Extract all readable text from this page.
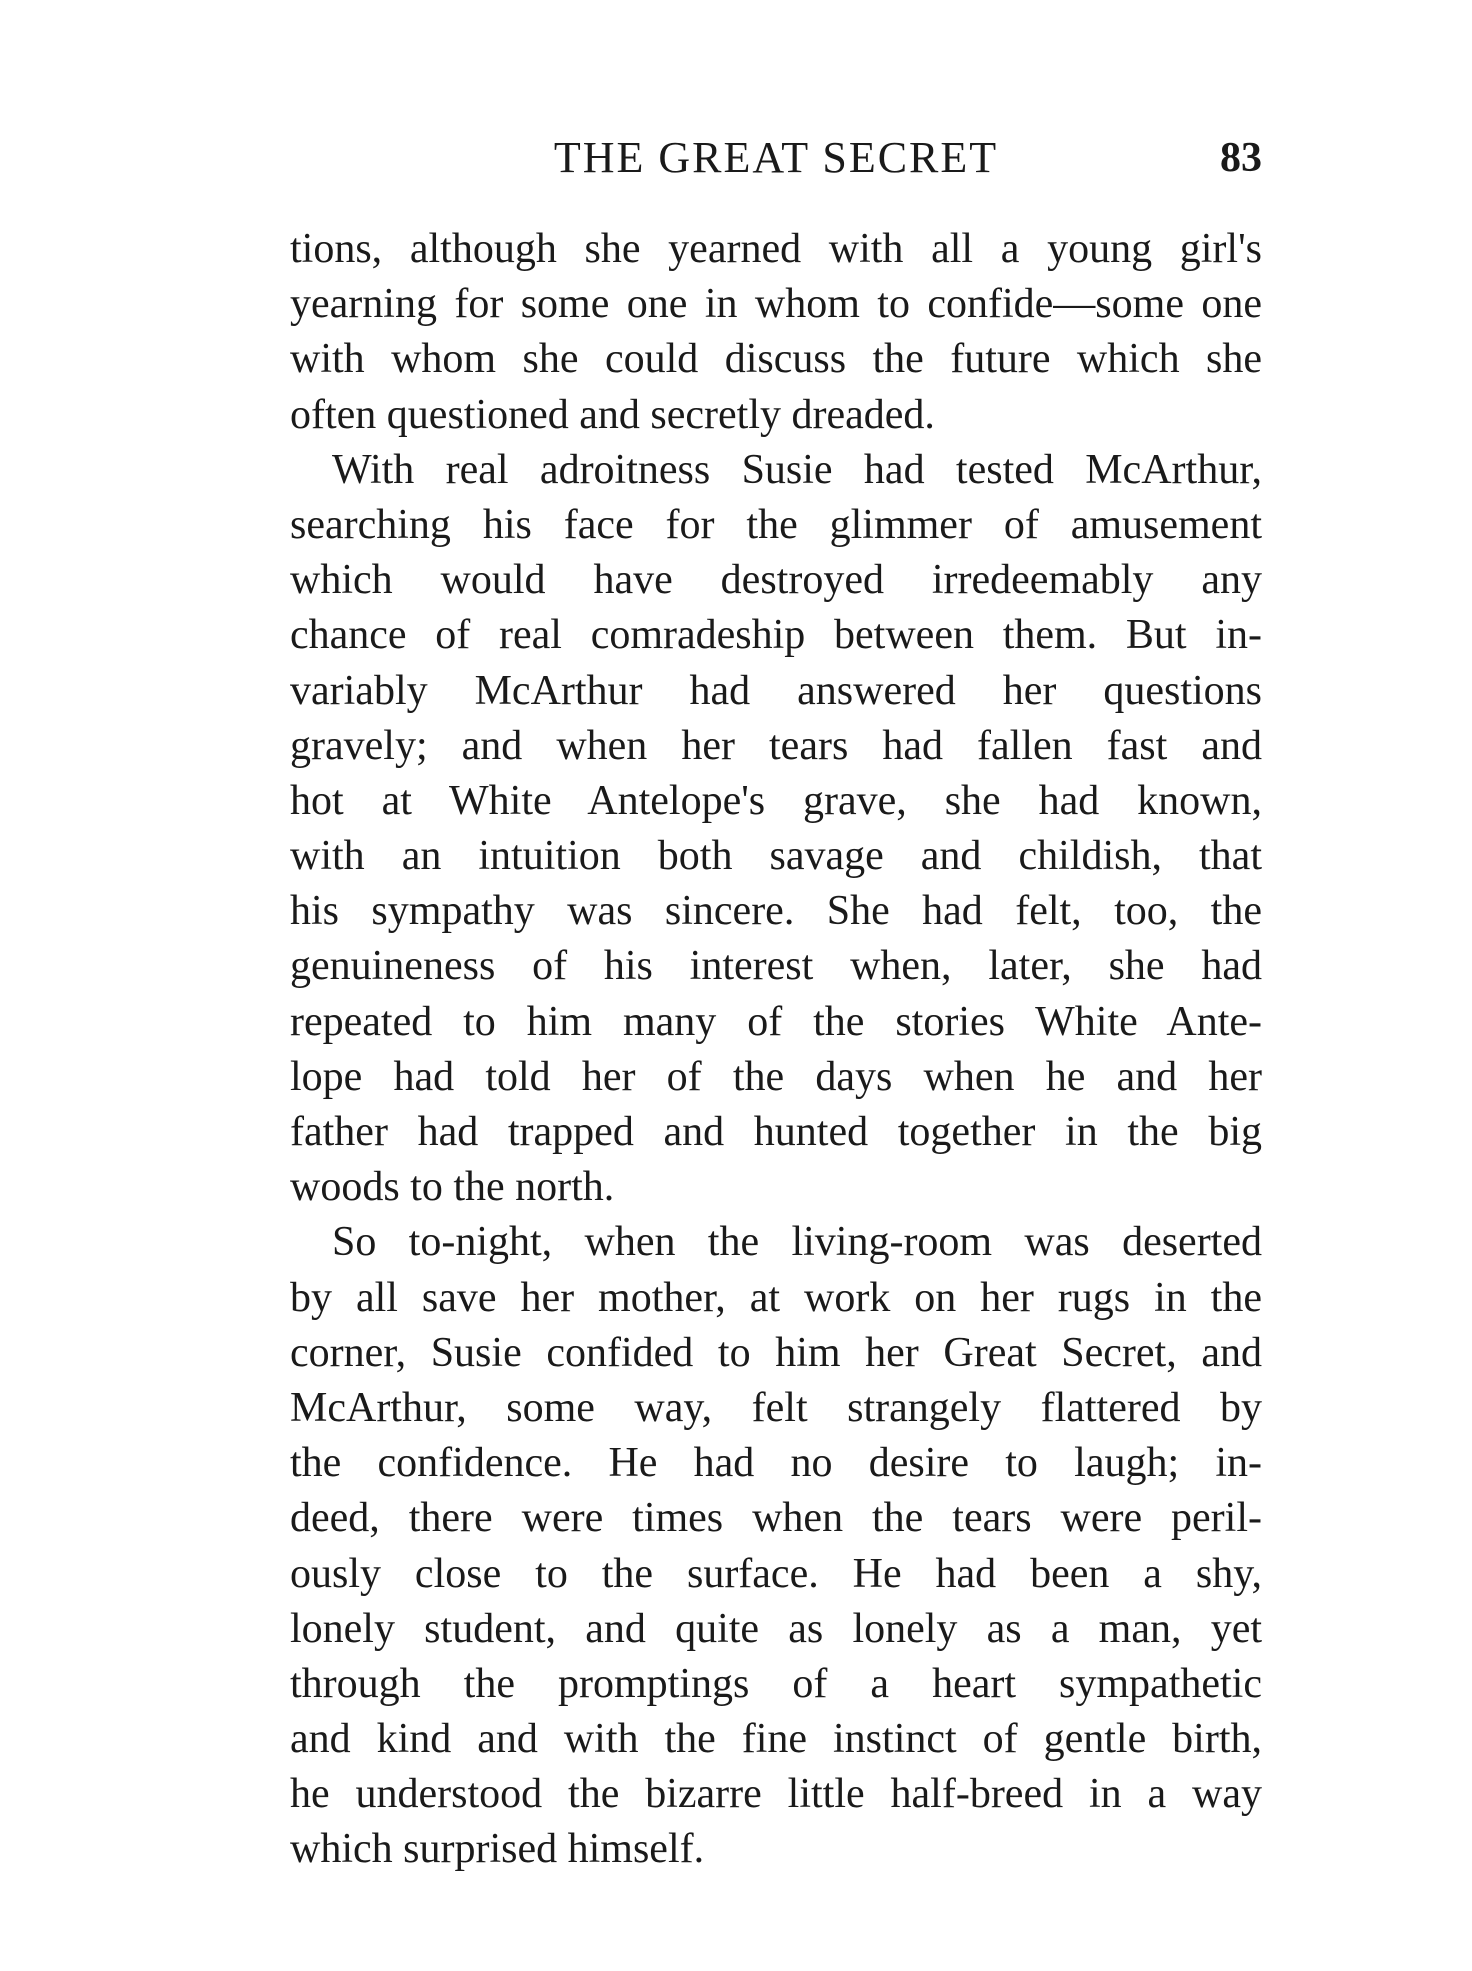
THE GREAT SECRET	83
tions, although she yearned with all a young girl's
yearning for some one in whom to confide—some one
with whom she could discuss the future which she
often questioned and secretly dreaded.
With real adroitness Susie had tested McArthur,
searching his face for the glimmer of amusement
which would have destroyed irredeemably any
chance of real comradeship between them. But in-
variably McArthur had answered her questions
gravely; and when her tears had fallen fast and
hot at White Antelope's grave, she had known,
with an intuition both savage and childish, that
his sympathy was sincere. She had felt, too, the
genuineness of his interest when, later, she had
repeated to him many of the stories White Ante-
lope had told her of the days when he and her
father had trapped and hunted together in the big
woods to the north.
So to-night, when the living-room was deserted
by all save her mother, at work on her rugs in the
corner, Susie confided to him her Great Secret, and
McArthur, some way, felt strangely flattered by
the confidence. He had no desire to laugh; in-
deed, there were times when the tears were peril-
ously close to the surface. He had been a shy,
lonely student, and quite as lonely as a man, yet
through the promptings of a heart sympathetic
and kind and with the fine instinct of gentle birth,
he understood the bizarre little half-breed in a way
which surprised himself.
